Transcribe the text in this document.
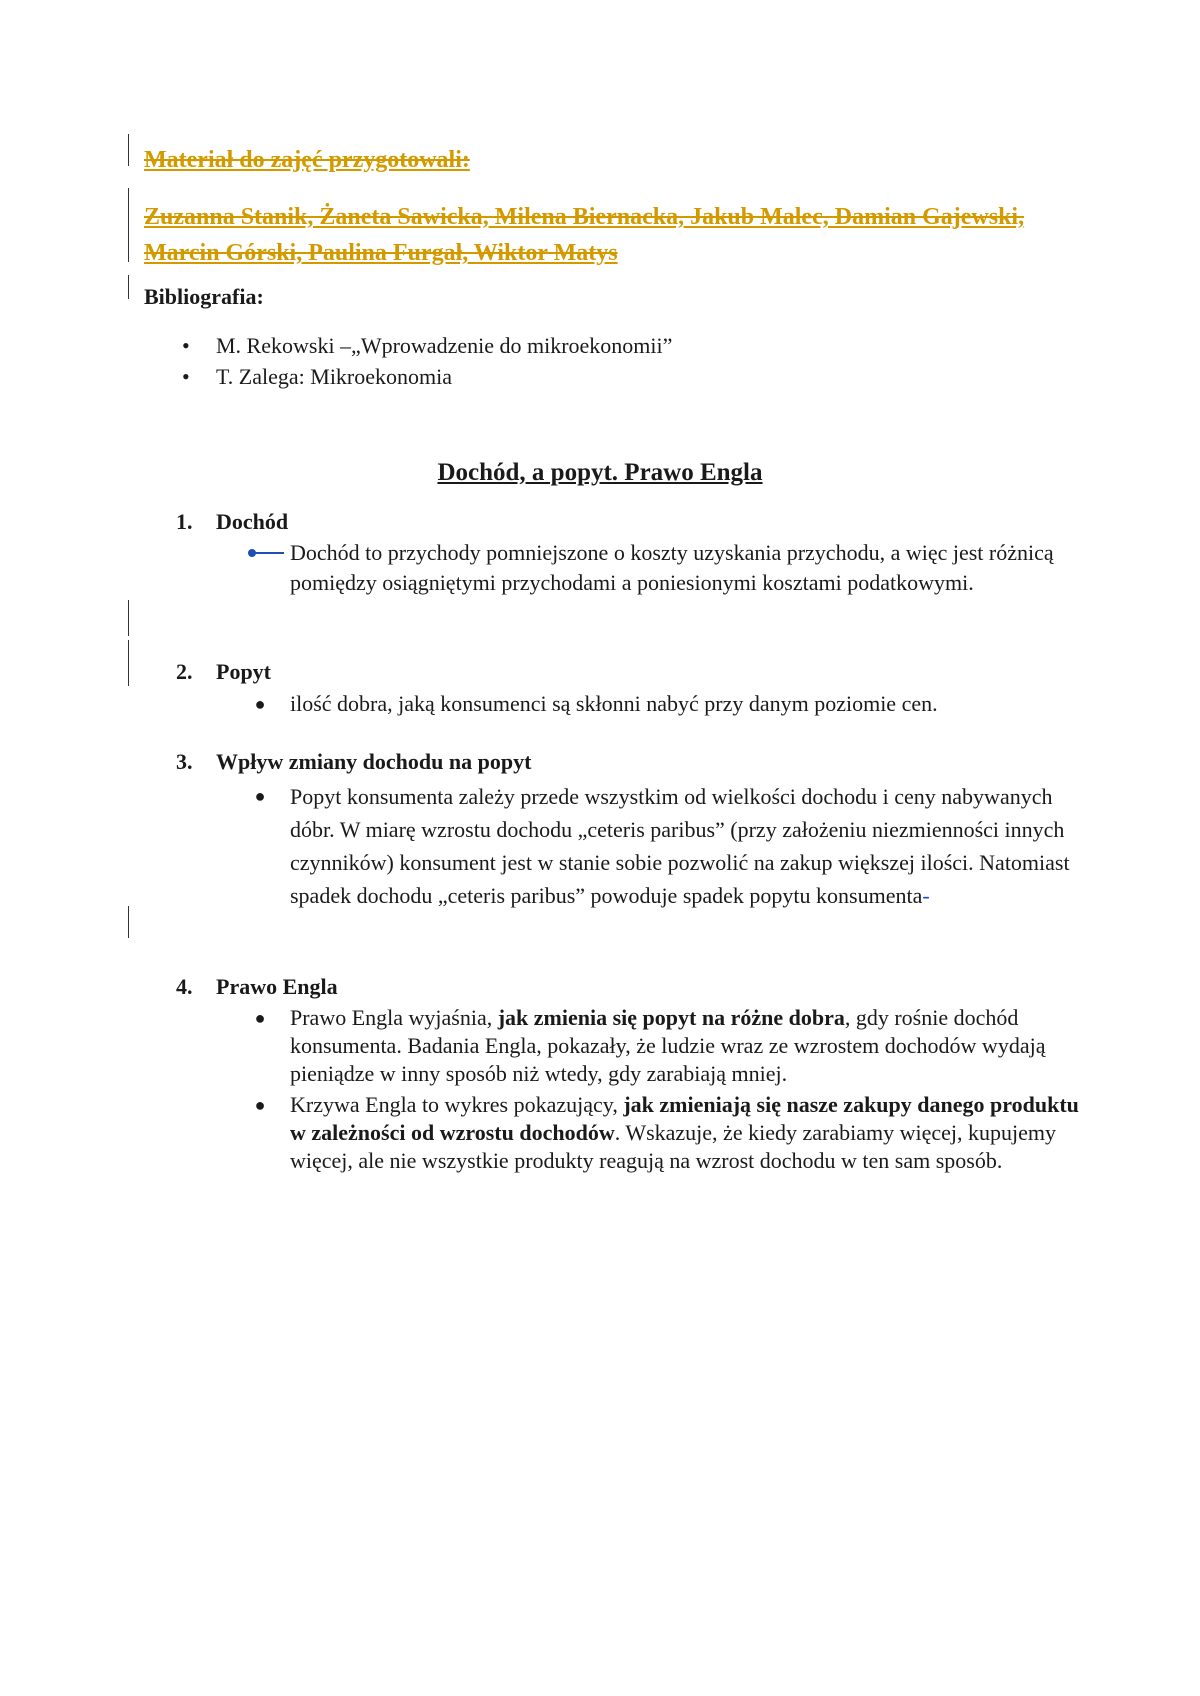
Materiał do zajęć przygotowali:

Zuzanna Stanik, Żaneta Sawicka, Milena Biernacka, Jakub Malec, Damian Gajewski, Marcin Górski, Paulina Furgał, Wiktor Matys

Bibliografia:

• M. Rekowski –„Wprowadzenie do mikroekonomii”
• T. Zalega: Mikroekonomia
Dochód, a popyt. Prawo Engla

1. Dochód

Dochód to przychody pomniejszone o koszty uzyskania przychodu, a więc jest różnicą pomiędzy osiągniętymi przychodami a poniesionymi kosztami podatkowymi.

2. Popyt

● ilość dobra, jaką konsumenci są skłonni nabyć przy danym poziomie cen.

3. Wpływ zmiany dochodu na popyt

● Popyt konsumenta zależy przede wszystkim od wielkości dochodu i ceny nabywanych dóbr. W miarę wzrostu dochodu „ceteris paribus” (przy założeniu niezmienności innych czynników) konsument jest w stanie sobie pozwolić na zakup większej ilości. Natomiast spadek dochodu „ceteris paribus” powoduje spadek popytu konsumenta-

4. Prawo Engla

● Prawo Engla wyjaśnia, jak zmienia się popyt na różne dobra, gdy rośnie dochód konsumenta. Badania Engla, pokazały, że ludzie wraz ze wzrostem dochodów wydają pieniądze w inny sposób niż wtedy, gdy zarabiają mniej.
● Krzywa Engla to wykres pokazujący, jak zmieniają się nasze zakupy danego produktu w zależności od wzrostu dochodów. Wskazuje, że kiedy zarabiamy więcej, kupujemy więcej, ale nie wszystkie produkty reagują na wzrost dochodu w ten sam sposób.
